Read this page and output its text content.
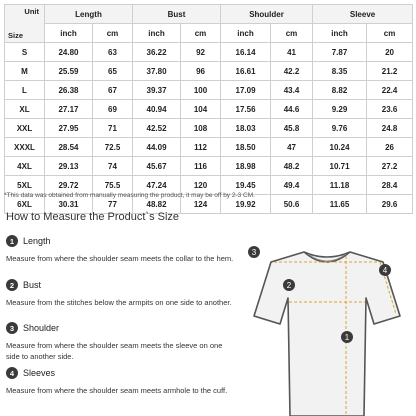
Unit
Size	Length		Bust		Shoulder		Sleeve	
	inch	cm	inch	cm	inch	cm	inch	cm
S	24.80	63	36.22	92	16.14	41	7.87	20
M	25.59	65	37.80	96	16.61	42.2	8.35	21.2
L	26.38	67	39.37	100	17.09	43.4	8.82	22.4
XL	27.17	69	40.94	104	17.56	44.6	9.29	23.6
XXL	27.95	71	42.52	108	18.03	45.8	9.76	24.8
XXXL	28.54	72.5	44.09	112	18.50	47	10.24	26
4XL	29.13	74	45.67	116	18.98	48.2	10.71	27.2
5XL	29.72	75.5	47.24	120	19.45	49.4	11.18	28.4
6XL	30.31	77	48.82	124	19.92	50.6	11.65	29.6
*This data was obtained from manually measuring the product, it may be off by 2-3 CM.
How to Measure the Product`s Size
1 Length
Measure from where the shoulder seam meets the collar to the hem.
2 Bust
Measure from the stitches below the armpits on one side to another.
3 Shoulder
Measure from where the shoulder seam meets the sleeve on one side to another side.
4 Sleeves
Measure from where the shoulder seam meets armhole to the cuff.
1
2
3
4
